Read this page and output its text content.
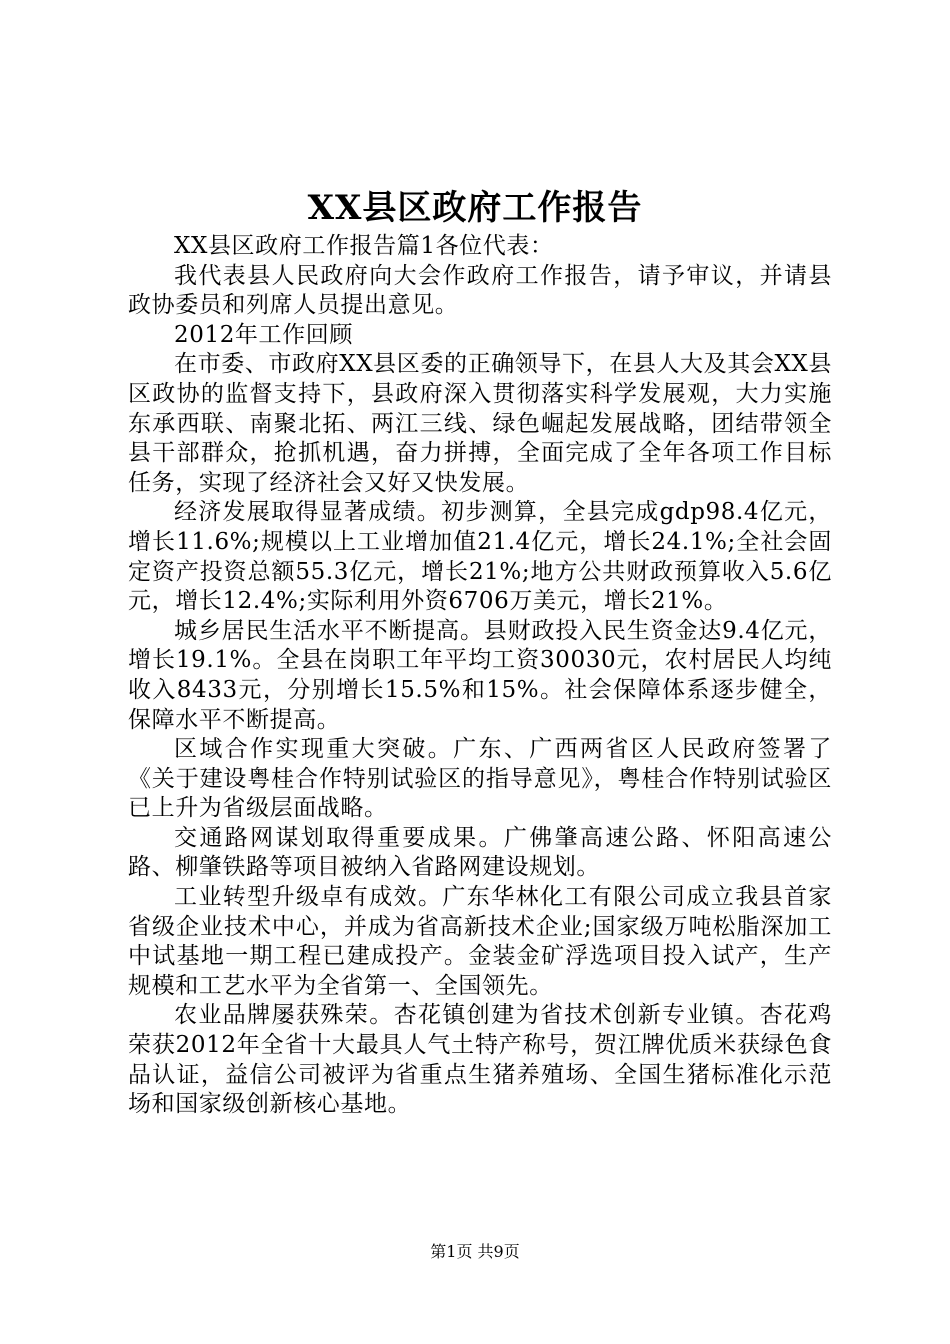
XX县区政府工作报告

XX县区政府工作报告篇1各位代表：

我代表县人民政府向大会作政府工作报告，请予审议，并请县政协委员和列席人员提出意见。

2012年工作回顾

在市委、市政府XX县区委的正确领导下，在县人大及其会XX县区政协的监督支持下，县政府深入贯彻落实科学发展观，大力实施东承西联、南聚北拓、两江三线、绿色崛起发展战略，团结带领全县干部群众，抢抓机遇，奋力拼搏，全面完成了全年各项工作目标任务，实现了经济社会又好又快发展。

经济发展取得显著成绩。初步测算，全县完成gdp98.4亿元，增长11.6%;规模以上工业增加值21.4亿元，增长24.1%;全社会固定资产投资总额55.3亿元，增长21%;地方公共财政预算收入5.6亿元，增长12.4%;实际利用外资6706万美元，增长21%。

城乡居民生活水平不断提高。县财政投入民生资金达9.4亿元，增长19.1%。全县在岗职工年平均工资30030元，农村居民人均纯收入8433元，分别增长15.5%和15%。社会保障体系逐步健全，保障水平不断提高。

区域合作实现重大突破。广东、广西两省区人民政府签署了《关于建设粤桂合作特别试验区的指导意见》，粤桂合作特别试验区已上升为省级层面战略。

交通路网谋划取得重要成果。广佛肇高速公路、怀阳高速公路、柳肇铁路等项目被纳入省路网建设规划。

工业转型升级卓有成效。广东华林化工有限公司成立我县首家省级企业技术中心，并成为省高新技术企业;国家级万吨松脂深加工中试基地一期工程已建成投产。金装金矿浮选项目投入试产，生产规模和工艺水平为全省第一、全国领先。

农业品牌屡获殊荣。杏花镇创建为省技术创新专业镇。杏花鸡荣获2012年全省十大最具人气土特产称号，贺江牌优质米获绿色食品认证，益信公司被评为省重点生猪养殖场、全国生猪标准化示范场和国家级创新核心基地。

第1页 共9页
